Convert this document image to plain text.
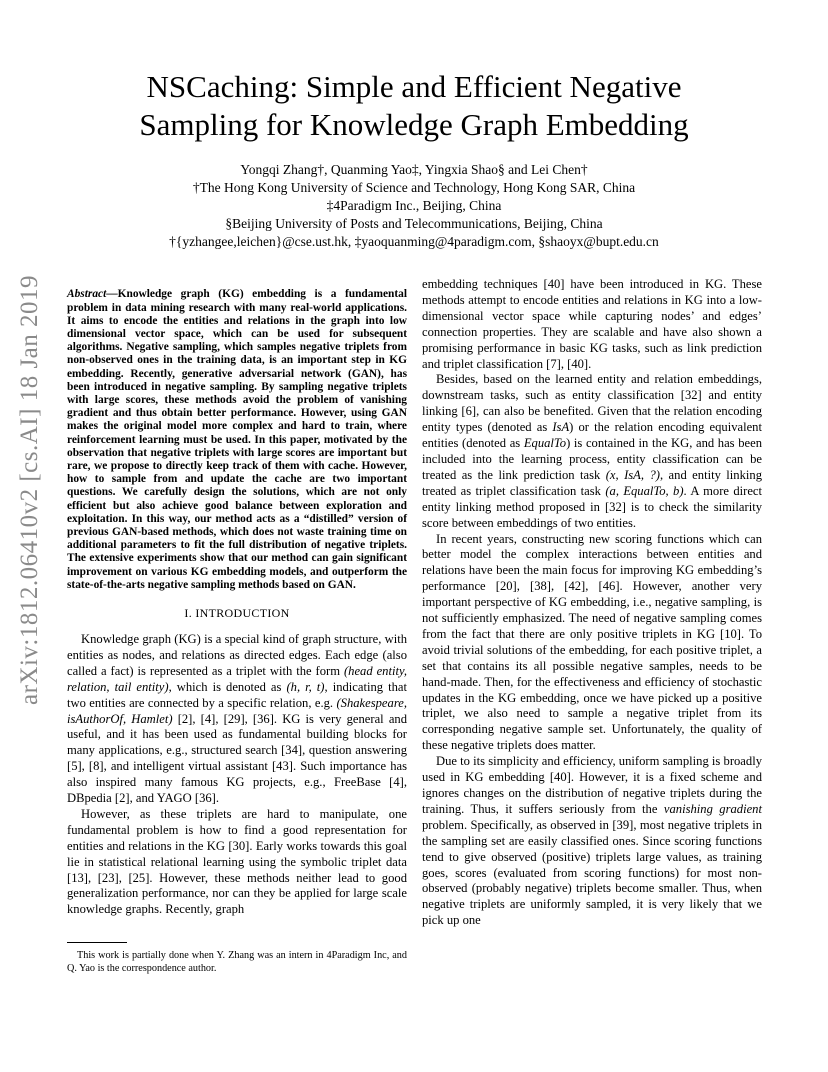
NSCaching: Simple and Efficient Negative
Sampling for Knowledge Graph Embedding
Yongqi Zhang†, Quanming Yao‡, Yingxia Shao§ and Lei Chen†
†The Hong Kong University of Science and Technology, Hong Kong SAR, China
‡4Paradigm Inc., Beijing, China
§Beijing University of Posts and Telecommunications, Beijing, China
†{yzhangee,leichen}@cse.ust.hk, ‡yaoquanming@4paradigm.com, §shaoyx@bupt.edu.cn
arXiv:1812.06410v2 [cs.AI] 18 Jan 2019 Abstract—Knowledge graph (KG) embedding is a fundamental problem in data mining research with many real-world applications. It aims to encode the entities and relations in the graph into low dimensional vector space, which can be used for subsequent algorithms. Negative sampling, which samples negative triplets from non-observed ones in the training data, is an important step in KG embedding. Recently, generative adversarial network (GAN), has been introduced in negative sampling. By sampling negative triplets with large scores, these methods avoid the problem of vanishing gradient and thus obtain better performance. However, using GAN makes the original model more complex and hard to train, where reinforcement learning must be used. In this paper, motivated by the observation that negative triplets with large scores are important but rare, we propose to directly keep track of them with cache. However, how to sample from and update the cache are two important questions. We carefully design the solutions, which are not only efficient but also achieve good balance between exploration and exploitation. In this way, our method acts as a “distilled” version of previous GAN-based methods, which does not waste training time on additional parameters to fit the full distribution of negative triplets. The extensive experiments show that our method can gain significant improvement on various KG embedding models, and outperform the state-of-the-arts negative sampling methods based on GAN.

I. INTRODUCTION

Knowledge graph (KG) is a special kind of graph structure, with entities as nodes, and relations as directed edges. Each edge (also called a fact) is represented as a triplet with the form (head entity, relation, tail entity), which is denoted as (h, r, t), indicating that two entities are connected by a specific relation, e.g. (Shakespeare, isAuthorOf, Hamlet) [2], [4], [29], [36]. KG is very general and useful, and it has been used as fundamental building blocks for many applications, e.g., structured search [34], question answering [5], [8], and intelligent virtual assistant [43]. Such importance has also inspired many famous KG projects, e.g., FreeBase [4], DBpedia [2], and YAGO [36].

However, as these triplets are hard to manipulate, one fundamental problem is how to find a good representation for entities and relations in the KG [30]. Early works towards this goal lie in statistical relational learning using the symbolic triplet data [13], [23], [25]. However, these methods neither lead to good generalization performance, nor can they be applied for large scale knowledge graphs. Recently, graph

This work is partially done when Y. Zhang was an intern in 4Paradigm Inc, and Q. Yao is the correspondence author.

embedding techniques [40] have been introduced in KG. These methods attempt to encode entities and relations in KG into a low-dimensional vector space while capturing nodes’ and edges’ connection properties. They are scalable and have also shown a promising performance in basic KG tasks, such as link prediction and triplet classification [7], [40].

Besides, based on the learned entity and relation embeddings, downstream tasks, such as entity classification [32] and entity linking [6], can also be benefited. Given that the relation encoding entity types (denoted as IsA) or the relation encoding equivalent entities (denoted as EqualTo) is contained in the KG, and has been included into the learning process, entity classification can be treated as the link prediction task (x, IsA, ?), and entity linking treated as triplet classification task (a, EqualTo, b). A more direct entity linking method proposed in [32] is to check the similarity score between embeddings of two entities.

In recent years, constructing new scoring functions which can better model the complex interactions between entities and relations have been the main focus for improving KG embedding’s performance [20], [38], [42], [46]. However, another very important perspective of KG embedding, i.e., negative sampling, is not sufficiently emphasized. The need of negative sampling comes from the fact that there are only positive triplets in KG [10]. To avoid trivial solutions of the embedding, for each positive triplet, a set that contains its all possible negative samples, needs to be hand-made. Then, for the effectiveness and efficiency of stochastic updates in the KG embedding, once we have picked up a positive triplet, we also need to sample a negative triplet from its corresponding negative sample set. Unfortunately, the quality of these negative triplets does matter.

Due to its simplicity and efficiency, uniform sampling is broadly used in KG embedding [40]. However, it is a fixed scheme and ignores changes on the distribution of negative triplets during the training. Thus, it suffers seriously from the vanishing gradient problem. Specifically, as observed in [39], most negative triplets in the sampling set are easily classified ones. Since scoring functions tend to give observed (positive) triplets large values, as training goes, scores (evaluated from scoring functions) for most non-observed (probably negative) triplets become smaller. Thus, when negative triplets are uniformly sampled, it is very likely that we pick up one
